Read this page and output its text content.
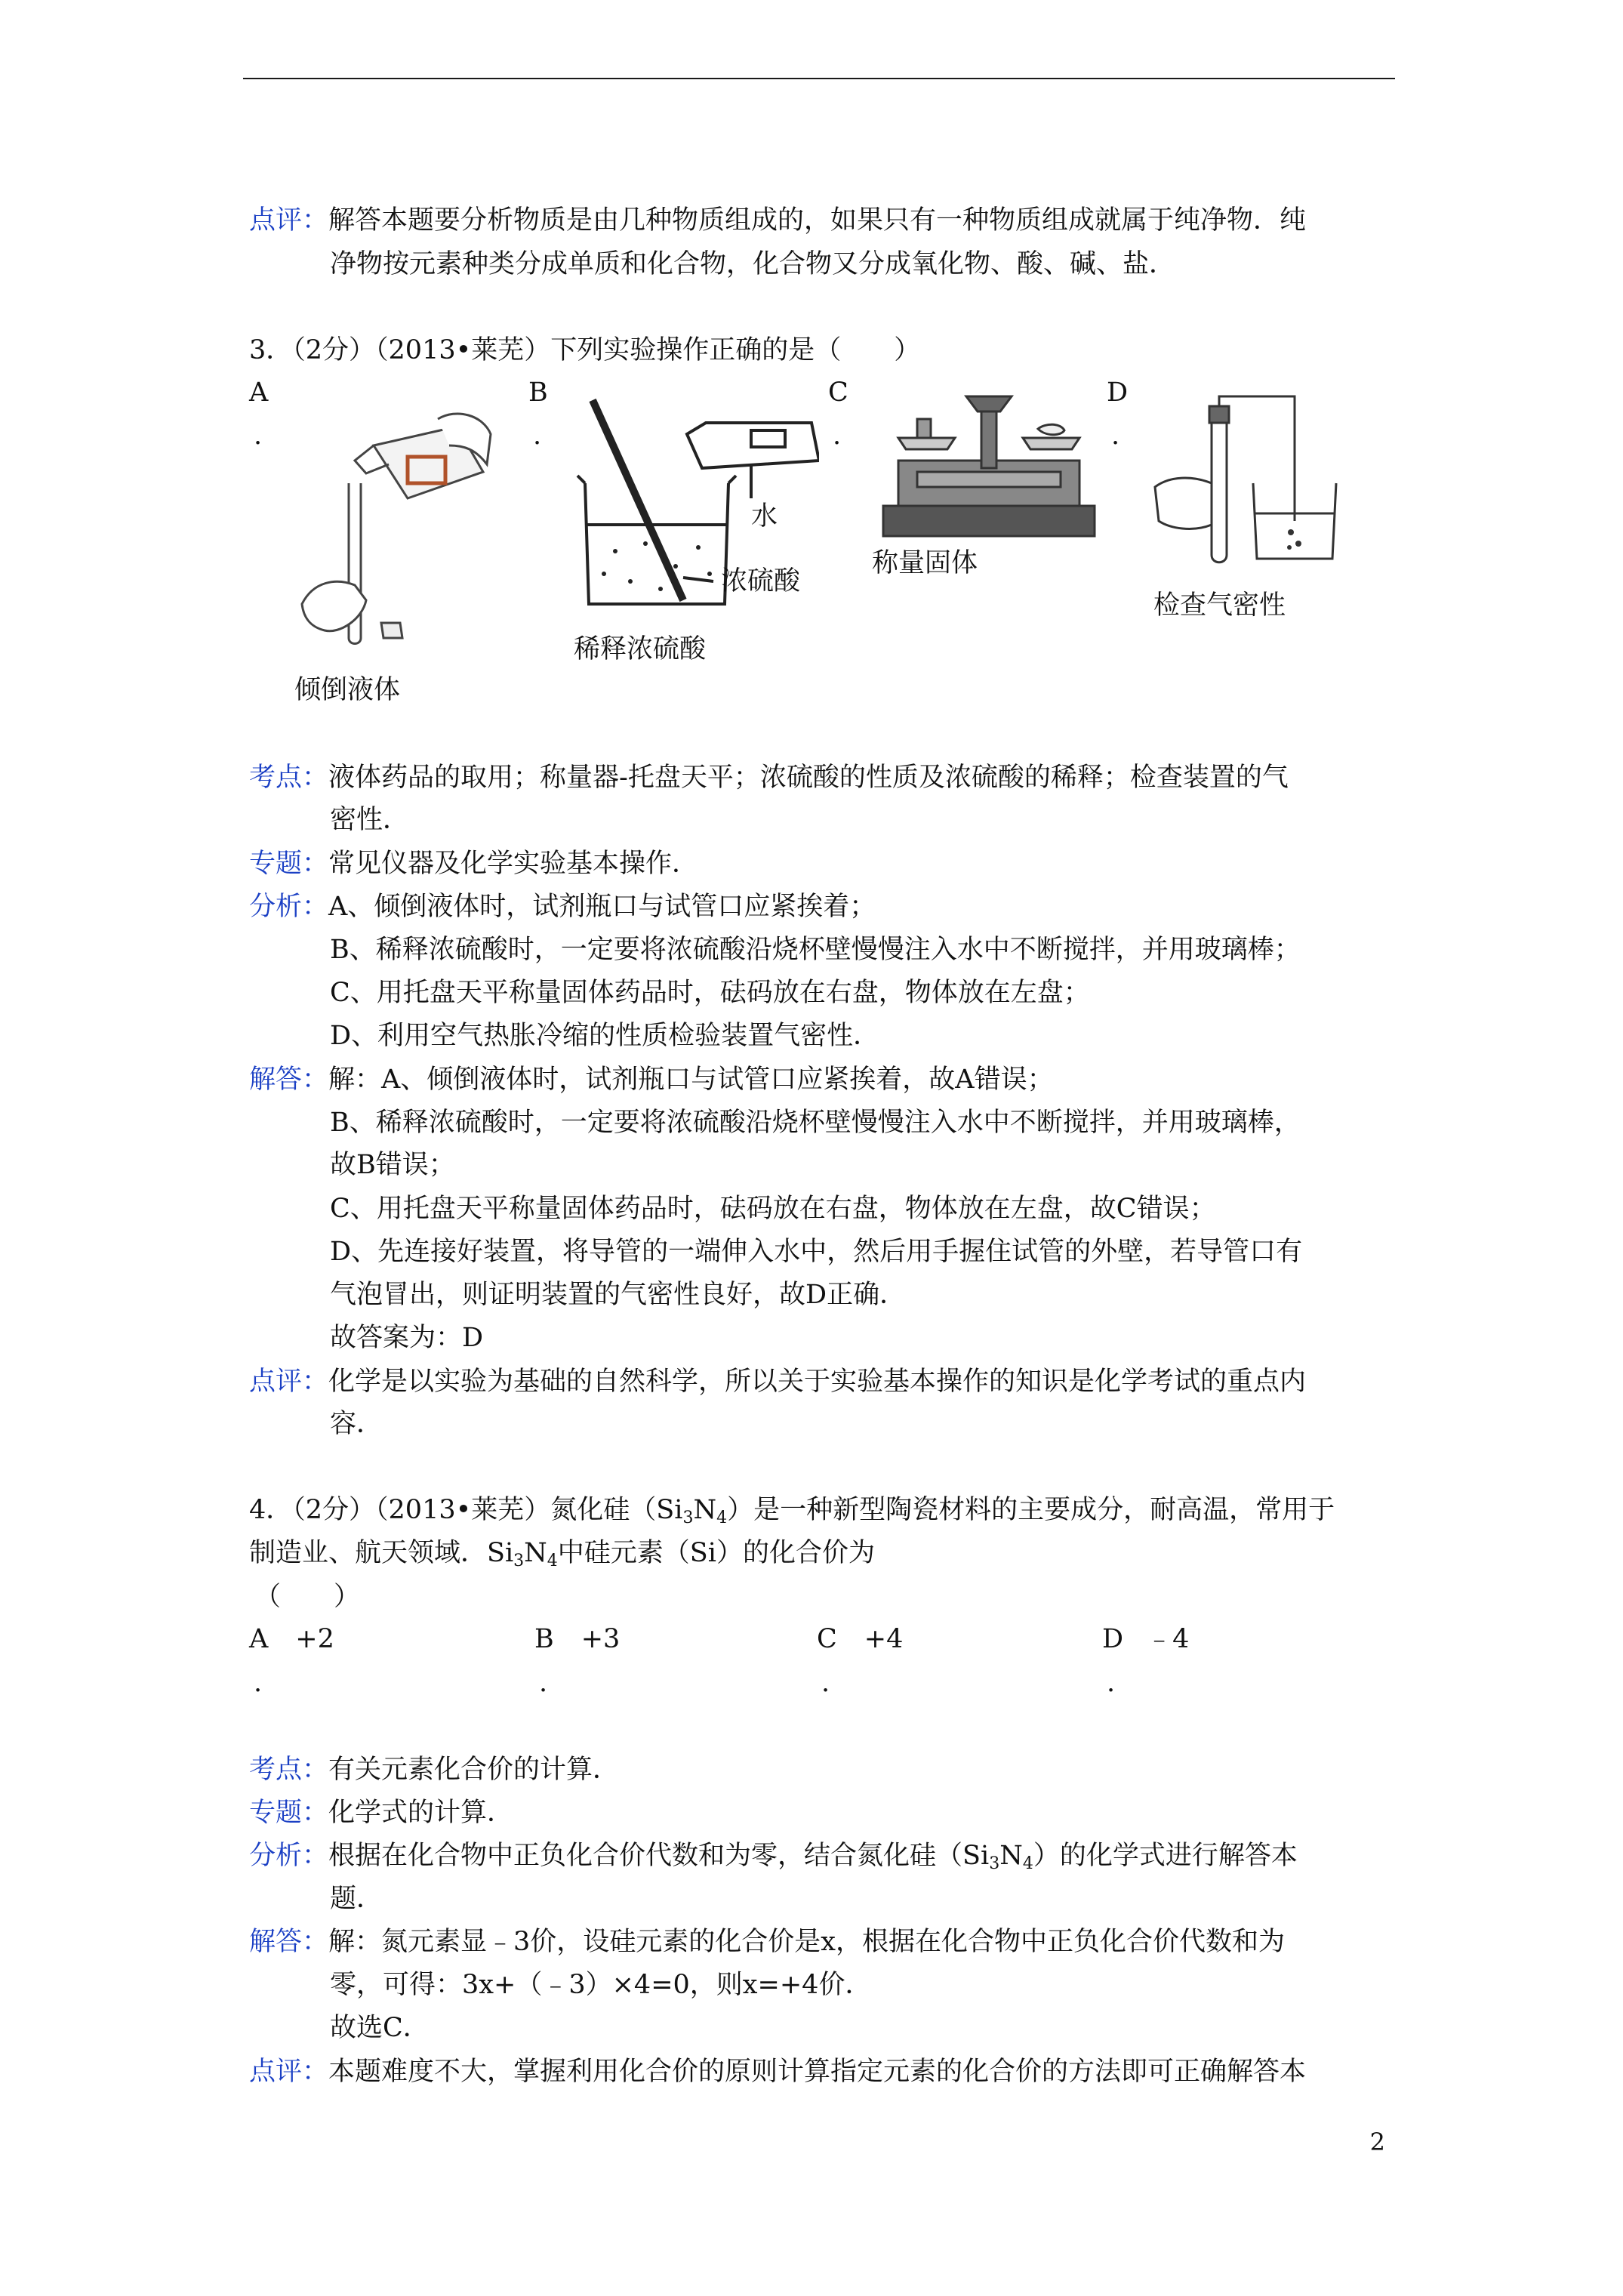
点评：解答本题要分析物质是由几种物质组成的，如果只有一种物质组成就属于纯净物．纯
净物按元素种类分成单质和化合物，化合物又分成氧化物、酸、碱、盐．
3．（2分）（2013•莱芜）下列实验操作正确的是（　　）
A
.
B
.
C
.
D
.
水
浓硫酸
倾倒液体
稀释浓硫酸
称量固体
检查气密性
考点：液体药品的取用；称量器-托盘天平；浓硫酸的性质及浓硫酸的稀释；检查装置的气
密性．
专题：常见仪器及化学实验基本操作．
分析：A、倾倒液体时，试剂瓶口与试管口应紧挨着；
B、稀释浓硫酸时，一定要将浓硫酸沿烧杯壁慢慢注入水中不断搅拌，并用玻璃棒；
C、用托盘天平称量固体药品时，砝码放在右盘，物体放在左盘；
D、利用空气热胀冷缩的性质检验装置气密性．
解答：解：A、倾倒液体时，试剂瓶口与试管口应紧挨着，故A错误；
B、稀释浓硫酸时，一定要将浓硫酸沿烧杯壁慢慢注入水中不断搅拌，并用玻璃棒，
故B错误；
C、用托盘天平称量固体药品时，砝码放在右盘，物体放在左盘，故C错误；
D、先连接好装置，将导管的一端伸入水中，然后用手握住试管的外壁，若导管口有
气泡冒出，则证明装置的气密性良好，故D正确．
故答案为：D
点评：化学是以实验为基础的自然科学，所以关于实验基本操作的知识是化学考试的重点内
容．
4．（2分）（2013•莱芜）氮化硅$(Si_3N_4)$是一种新型陶瓷材料的主要成分，耐高温，常用于
制造业、航天领域．$Si_3N_4$中硅元素（Si）的化合价为
（　　）
A +2
.
B +3
.
C +4
.
D ﹣4
.
考点：有关元素化合价的计算．
专题：化学式的计算．
分析：根据在化合物中正负化合价代数和为零，结合氮化硅$(Si_3N_4)$的化学式进行解答本
题．
解答：解：氮元素显﹣3价，设硅元素的化合价是x，根据在化合物中正负化合价代数和为
零，可得：3x+（﹣3）×4=0，则x=+4价．
故选C．
点评：本题难度不大，掌握利用化合价的原则计算指定元素的化合价的方法即可正确解答本
2
